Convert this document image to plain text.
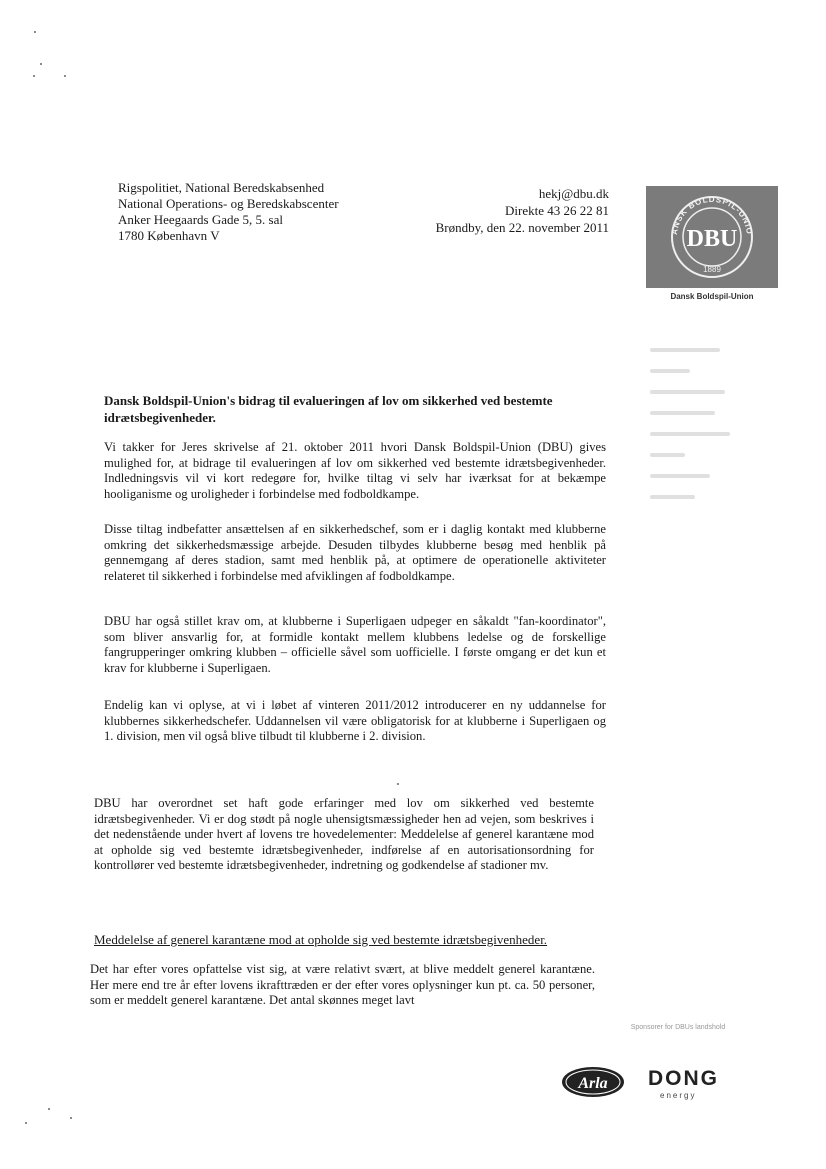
Rigspolitiet, National Beredskabsenhed
National Operations- og Beredskabscenter
Anker Heegaards Gade 5, 5. sal
1780 København V
hekj@dbu.dk
Direkte 43 26 22 81
Brøndby, den 22. november 2011	ANSK BOLDSPIL-UNIO
DBU
1889
Dansk Boldspil-Union
Dansk Boldspil-Union's bidrag til evalueringen af lov om sikkerhed ved bestemte idrætsbegivenheder.
Vi takker for Jeres skrivelse af 21. oktober 2011 hvori Dansk Boldspil-Union (DBU) gives mulighed for, at bidrage til evalueringen af lov om sikkerhed ved bestemte idrætsbegivenheder. Indledningsvis vil vi kort redegøre for, hvilke tiltag vi selv har iværksat for at bekæmpe hooliganisme og uroligheder i forbindelse med fodboldkampe.
Disse tiltag indbefatter ansættelsen af en sikkerhedschef, som er i daglig kontakt med klubberne omkring det sikkerhedsmæssige arbejde. Desuden tilbydes klubberne besøg med henblik på gennemgang af deres stadion, samt med henblik på, at optimere de operationelle aktiviteter relateret til sikkerhed i forbindelse med afviklingen af fodboldkampe.
DBU har også stillet krav om, at klubberne i Superligaen udpeger en såkaldt "fan-koordinator", som bliver ansvarlig for, at formidle kontakt mellem klubbens ledelse og de forskellige fangrupperinger omkring klubben – officielle såvel som uofficielle. I første omgang er det kun et krav for klubberne i Superligaen.
Endelig kan vi oplyse, at vi i løbet af vinteren 2011/2012 introducerer en ny uddannelse for klubbernes sikkerhedschefer. Uddannelsen vil være obligatorisk for at klubberne i Superligaen og 1. division, men vil også blive tilbudt til klubberne i 2. division.
DBU har overordnet set haft gode erfaringer med lov om sikkerhed ved bestemte idrætsbegivenheder. Vi er dog stødt på nogle uhensigtsmæssigheder hen ad vejen, som beskrives i det nedenstående under hvert af lovens tre hovedelementer: Meddelelse af generel karantæne mod at opholde sig ved bestemte idrætsbegivenheder, indførelse af en autorisationsordning for kontrollører ved bestemte idrætsbegivenheder, indretning og godkendelse af stadioner mv.
Meddelelse af generel karantæne mod at opholde sig ved bestemte idrætsbegivenheder.
Det har efter vores opfattelse vist sig, at være relativt svært, at blive meddelt generel karantæne. Her mere end tre år efter lovens ikrafttræden er der efter vores oplysninger kun pt. ca. 50 personer, som er meddelt generel karantæne. Det antal skønnes meget lavt
Sponsorer for DBUs landshold
Arla DONG
energy
